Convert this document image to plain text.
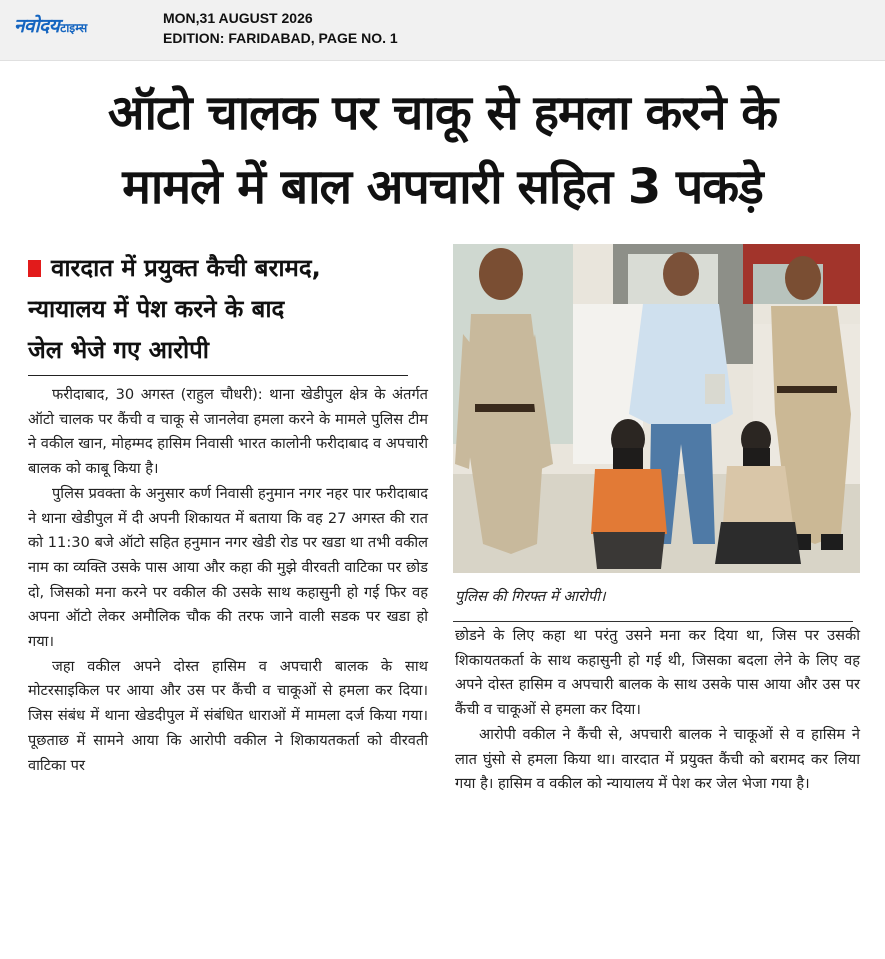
नवोदय टाइम्स
MON,31 AUGUST 2026
EDITION: FARIDABAD, PAGE NO. 1
ऑटो चालक पर चाकू से हमला करने के
मामले में बाल अपचारी सहित 3 पकड़े
वारदात में प्रयुक्त कैची बरामद,
न्यायालय में पेश करने के बाद
जेल भेजे गए आरोपी

फरीदाबाद, 30 अगस्त (राहुल चौधरी): थाना खेडीपुल क्षेत्र के अंतर्गत ऑटो चालक पर कैंची व चाकू से जानलेवा हमला करने के मामले पुलिस टीम ने वकील खान, मोहम्मद हासिम निवासी भारत कालोनी फरीदाबाद व अपचारी बालक को काबू किया है।

पुलिस प्रवक्ता के अनुसार कर्ण निवासी हनुमान नगर नहर पार फरीदाबाद ने थाना खेडीपुल में दी अपनी शिकायत में बताया कि वह 27 अगस्त की रात को 11:30 बजे ऑटो सहित हनुमान नगर खेडी रोड पर खडा था तभी वकील नाम का व्यक्ति उसके पास आया और कहा की मुझे वीरवती वाटिका पर छोड दो, जिसको मना करने पर वकील की उसके साथ कहासुनी हो गई फिर वह अपना ऑटो लेकर अमौलिक चौक की तरफ जाने वाली सडक पर खडा हो गया।

जहा वकील अपने दोस्त हासिम व अपचारी बालक के साथ मोटरसाइकिल पर आया और उस पर कैंची व चाकूओं से हमला कर दिया। जिस संबंध में थाना खेडदीपुल में संबंधित धाराओं में मामला दर्ज किया गया। पूछताछ में सामने आया कि आरोपी वकील ने शिकायतकर्ता को वीरवती वाटिका पर

पुलिस की गिरफ्त में आरोपी।

छोडने के लिए कहा था परंतु उसने मना कर दिया था, जिस पर उसकी शिकायतकर्ता के साथ कहासुनी हो गई थी, जिसका बदला लेने के लिए वह अपने दोस्त हासिम व अपचारी बालक के साथ उसके पास आया और उस पर कैंची व चाकूओं से हमला कर दिया।

आरोपी वकील ने कैंची से, अपचारी बालक ने चाकूओं से व हासिम ने लात घुंसो से हमला किया था। वारदात में प्रयुक्त कैंची को बरामद कर लिया गया है। हासिम व वकील को न्यायालय में पेश कर जेल भेजा गया है।
